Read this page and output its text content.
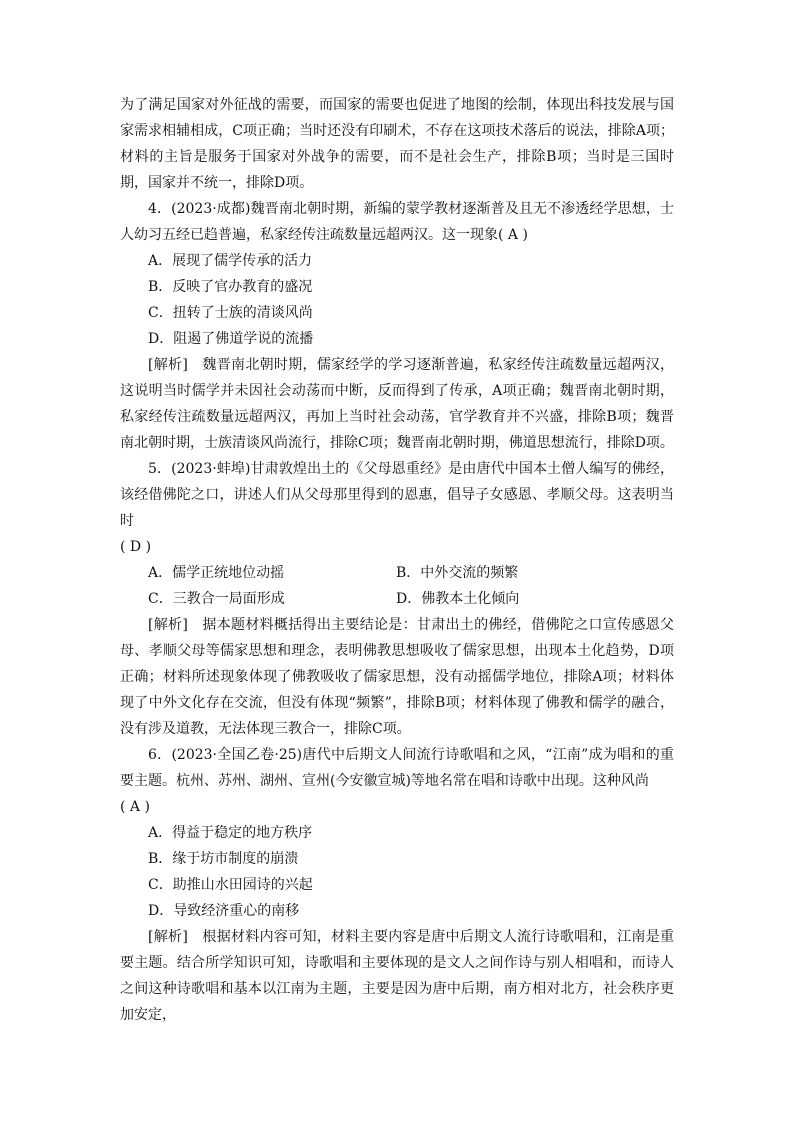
为了满足国家对外征战的需要，而国家的需要也促进了地图的绘制，体现出科技发展与国家需求相辅相成，C项正确；当时还没有印刷术，不存在这项技术落后的说法，排除A项；材料的主旨是服务于国家对外战争的需要，而不是社会生产，排除B项；当时是三国时期，国家并不统一，排除D项。

4．(2023·成都)魏晋南北朝时期，新编的蒙学教材逐渐普及且无不渗透经学思想，士人幼习五经已趋普遍，私家经传注疏数量远超两汉。这一现象( A )

A．展现了儒学传承的活力

B．反映了官办教育的盛况

C．扭转了士族的清谈风尚

D．阻遏了佛道学说的流播

[解析]　魏晋南北朝时期，儒家经学的学习逐渐普遍，私家经传注疏数量远超两汉，这说明当时儒学并未因社会动荡而中断，反而得到了传承，A项正确；魏晋南北朝时期，私家经传注疏数量远超两汉，再加上当时社会动荡，官学教育并不兴盛，排除B项；魏晋南北朝时期，士族清谈风尚流行，排除C项；魏晋南北朝时期，佛道思想流行，排除D项。

5．(2023·蚌埠)甘肃敦煌出土的《父母恩重经》是由唐代中国本土僧人编写的佛经，该经借佛陀之口，讲述人们从父母那里得到的恩惠，倡导子女感恩、孝顺父母。这表明当时

( D )

A．儒学正统地位动摇	B．中外交流的频繁

C．三教合一局面形成	D．佛教本土化倾向

[解析]　据本题材料概括得出主要结论是：甘肃出土的佛经，借佛陀之口宣传感恩父母、孝顺父母等儒家思想和理念，表明佛教思想吸收了儒家思想，出现本土化趋势，D项正确；材料所述现象体现了佛教吸收了儒家思想，没有动摇儒学地位，排除A项；材料体现了中外文化存在交流，但没有体现“频繁”，排除B项；材料体现了佛教和儒学的融合，没有涉及道教，无法体现三教合一，排除C项。

6．(2023·全国乙卷·25)唐代中后期文人间流行诗歌唱和之风，“江南”成为唱和的重要主题。杭州、苏州、湖州、宣州(今安徽宣城)等地名常在唱和诗歌中出现。这种风尚

( A )

A．得益于稳定的地方秩序

B．缘于坊市制度的崩溃

C．助推山水田园诗的兴起

D．导致经济重心的南移

[解析]　根据材料内容可知，材料主要内容是唐中后期文人流行诗歌唱和，江南是重要主题。结合所学知识可知，诗歌唱和主要体现的是文人之间作诗与别人相唱和，而诗人之间这种诗歌唱和基本以江南为主题，主要是因为唐中后期，南方相对北方，社会秩序更加安定，
